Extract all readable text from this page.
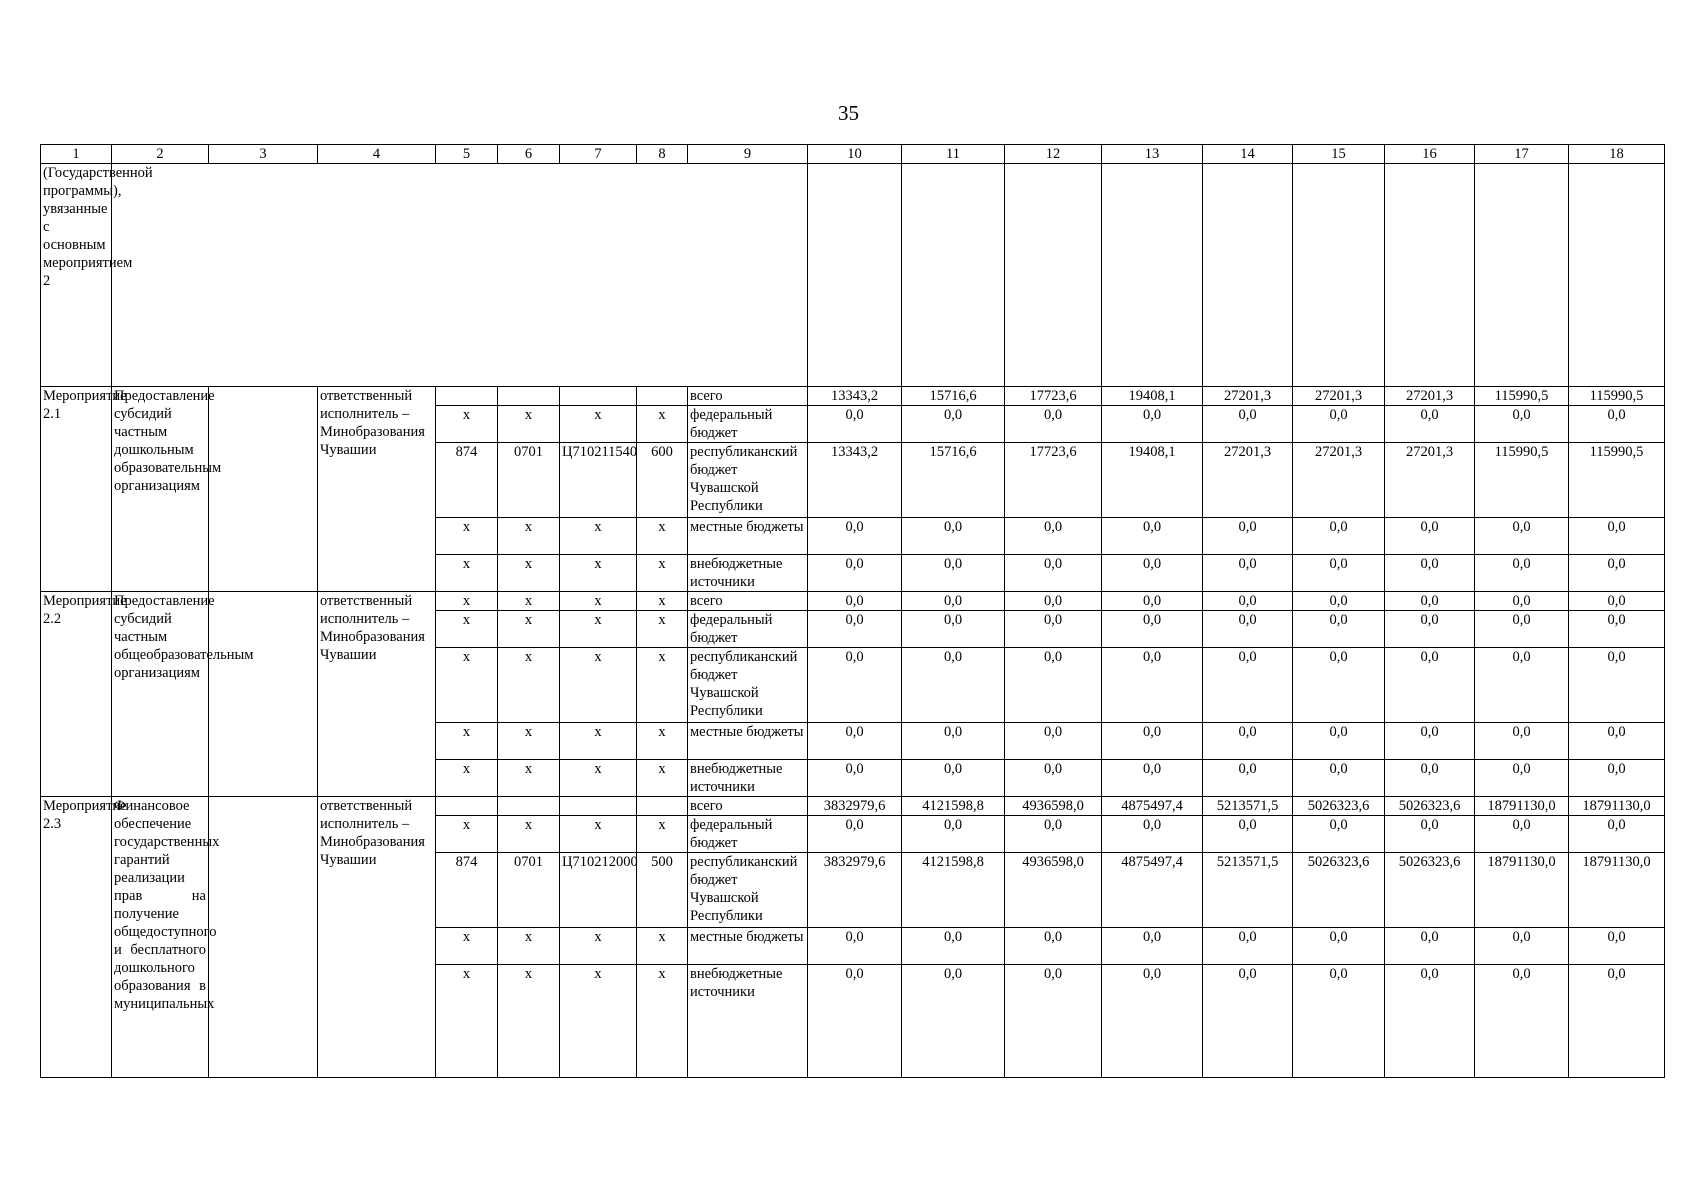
35
1	2	3	4	5	6	7	8	9	10	11	12	13	14	15	16	17	18
(Государственной программы), увязанные с основным мероприятием 2																	
Мероприятие 2.1	Предоставление субсидий частным дошкольным образовательным организациям		ответственный исполнитель – Минобразования Чувашии					всего	13343,2	15716,6	17723,6	19408,1	27201,3	27201,3	27201,3	115990,5	115990,5
				x	x	x	x	федеральный бюджет	0,0	0,0	0,0	0,0	0,0	0,0	0,0	0,0	0,0
				874	0701	Ц710211540	600	республиканский бюджет Чувашской Республики	13343,2	15716,6	17723,6	19408,1	27201,3	27201,3	27201,3	115990,5	115990,5
				x	x	x	x	местные бюджеты	0,0	0,0	0,0	0,0	0,0	0,0	0,0	0,0	0,0
				x	x	x	x	внебюджетные источники	0,0	0,0	0,0	0,0	0,0	0,0	0,0	0,0	0,0
Мероприятие 2.2	Предоставление субсидий частным общеобразовательным организациям		ответственный исполнитель – Минобразования Чувашии	x	x	x	x	всего	0,0	0,0	0,0	0,0	0,0	0,0	0,0	0,0	0,0
				x	x	x	x	федеральный бюджет	0,0	0,0	0,0	0,0	0,0	0,0	0,0	0,0	0,0
				x	x	x	x	республиканский бюджет Чувашской Республики	0,0	0,0	0,0	0,0	0,0	0,0	0,0	0,0	0,0
				x	x	x	x	местные бюджеты	0,0	0,0	0,0	0,0	0,0	0,0	0,0	0,0	0,0
				x	x	x	x	внебюджетные источники	0,0	0,0	0,0	0,0	0,0	0,0	0,0	0,0	0,0
Мероприятие 2.3	Финансовое обеспечение государственных гарантий реализации прав на получение общедоступного и бесплатного дошкольного образования в муниципальных		ответственный исполнитель – Минобразования Чувашии					всего	3832979,6	4121598,8	4936598,0	4875497,4	5213571,5	5026323,6	5026323,6	18791130,0	18791130,0
				x	x	x	x	федеральный бюджет	0,0	0,0	0,0	0,0	0,0	0,0	0,0	0,0	0,0
				874	0701	Ц710212000	500	республиканский бюджет Чувашской Республики	3832979,6	4121598,8	4936598,0	4875497,4	5213571,5	5026323,6	5026323,6	18791130,0	18791130,0
				x	x	x	x	местные бюджеты	0,0	0,0	0,0	0,0	0,0	0,0	0,0	0,0	0,0
				x	x	x	x	внебюджетные источники	0,0	0,0	0,0	0,0	0,0	0,0	0,0	0,0	0,0
